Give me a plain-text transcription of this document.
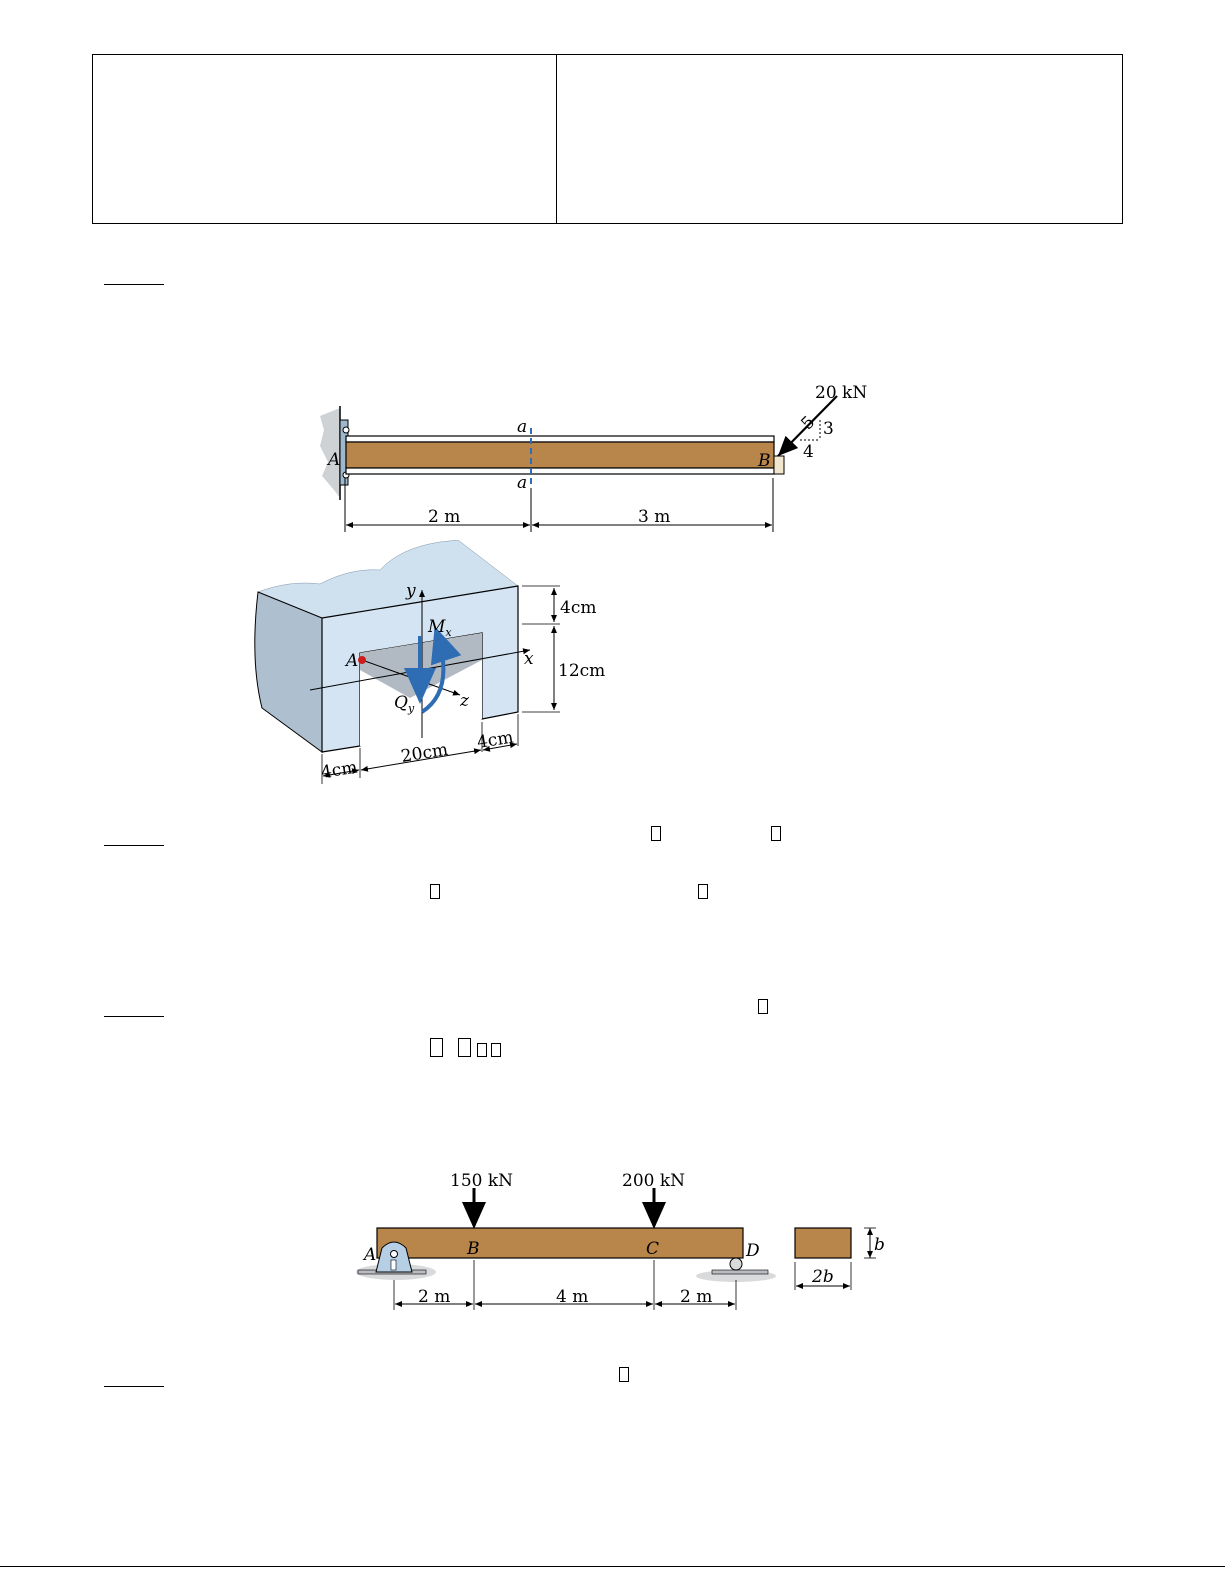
a
a
A	B
20 kN
5 3
4
2 m	3 m
y
x
z
A
$Q_y$
$M_x$
4cm
12cm
4cm
20cm 4cm
150 kN	200 kN
A	B	C	D
2 m	4 m	2 m
b
2b
